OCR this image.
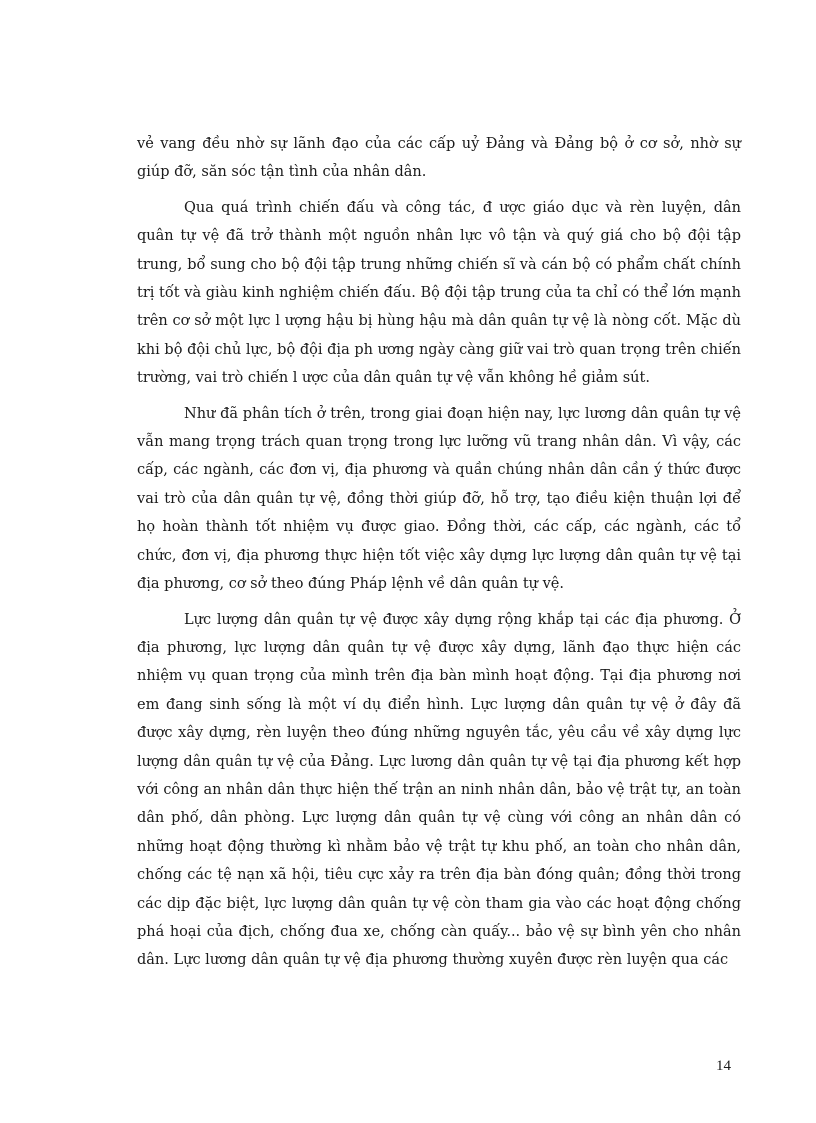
vẻ vang đều nhờ sự lãnh đạo của các cấp uỷ Đảng và Đảng bộ ở cơ sở, nhờ sự giúp đỡ, săn sóc tận tình của nhân dân.

Qua quá trình chiến đấu và công tác, đ ược giáo dục và rèn luyện, dân quân tự vệ đã trở thành một nguồn nhân lực vô tận và quý giá cho bộ đội tập trung, bổ sung cho bộ đội tập trung những chiến sĩ và cán bộ có phẩm chất chính trị tốt và giàu kinh nghiệm chiến đấu. Bộ đội tập trung của ta chỉ có thể lớn mạnh trên cơ sở một lực l ượng hậu bị hùng hậu mà dân quân tự vệ là nòng cốt. Mặc dù khi bộ đội chủ lực, bộ đội địa ph ương ngày càng giữ vai trò quan trọng trên chiến trường, vai trò chiến l ược của dân quân tự vệ vẫn không hề giảm sút.

Như đã phân tích ở trên, trong giai đoạn hiện nay, lực lương dân quân tự vệ vẫn mang trọng trách quan trọng trong lực lưỡng vũ trang nhân dân. Vì vậy, các cấp, các ngành, các đơn vị, địa phương và quần chúng nhân dân cần ý thức được vai trò của dân quân tự vệ, đồng thời giúp đỡ, hỗ trợ, tạo điều kiện thuận lợi để họ hoàn thành tốt nhiệm vụ được giao. Đồng thời, các cấp, các ngành, các tổ chức, đơn vị, địa phương thực hiện tốt việc xây dựng lực lượng dân quân tự vệ tại địa phương, cơ sở theo đúng Pháp lệnh về dân quân tự vệ.

Lực lượng dân quân tự vệ được xây dựng rộng khắp tại các địa phương. Ở địa phương, lực lượng dân quân tự vệ được xây dựng, lãnh đạo thực hiện các nhiệm vụ quan trọng của mình trên địa bàn mình hoạt động. Tại địa phương nơi em đang sinh sống là một ví dụ điển hình. Lực lượng dân quân tự vệ ở đây đã được xây dựng, rèn luyện theo đúng những nguyên tắc, yêu cầu về xây dựng lực lượng dân quân tự vệ của Đảng. Lực lương dân quân tự vệ tại địa phương kết hợp với công an nhân dân thực hiện thế trận an ninh nhân dân, bảo vệ trật tự, an toàn dân phố, dân phòng. Lực lượng dân quân tự vệ cùng với công an nhân dân có những hoạt động thường kì nhằm bảo vệ trật tự khu phố, an toàn cho nhân dân, chống các tệ nạn xã hội, tiêu cực xảy ra trên địa bàn đóng quân; đồng thời trong các dịp đặc biệt, lực lượng dân quân tự vệ còn tham gia vào các hoạt động chống phá hoại của địch, chống đua xe, chống càn quấy... bảo vệ sự bình yên cho nhân dân. Lực lương dân quân tự vệ địa phương thường xuyên được rèn luyện qua các

14
